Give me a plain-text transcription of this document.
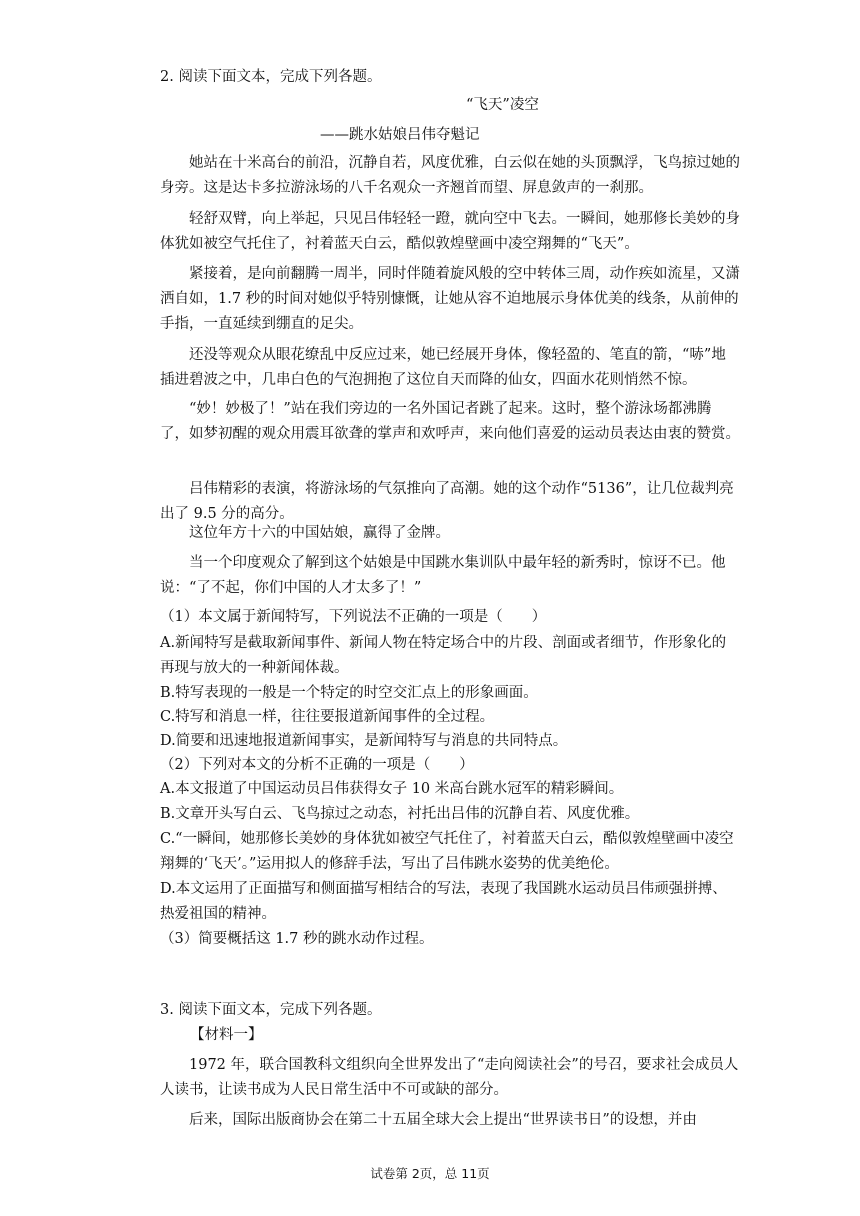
2. 阅读下面文本，完成下列各题。
“飞天”凌空
——跳水姑娘吕伟夺魁记
她站在十米高台的前沿，沉静自若，风度优雅，白云似在她的头顶飘浮，飞鸟掠过她的身旁。这是达卡多拉游泳场的八千名观众一齐翘首而望、屏息敛声的一刹那。
轻舒双臂，向上举起，只见吕伟轻轻一蹬，就向空中飞去。一瞬间，她那修长美妙的身体犹如被空气托住了，衬着蓝天白云，酷似敦煌壁画中凌空翔舞的“飞天”。
紧接着，是向前翻腾一周半，同时伴随着旋风般的空中转体三周，动作疾如流星，又潇洒自如，1.7 秒的时间对她似乎特别慷慨，让她从容不迫地展示身体优美的线条，从前伸的手指，一直延续到绷直的足尖。
还没等观众从眼花缭乱中反应过来，她已经展开身体，像轻盈的、笔直的箭，“哧”地插进碧波之中，几串白色的气泡拥抱了这位自天而降的仙女，四面水花则悄然不惊。
“妙！妙极了！”站在我们旁边的一名外国记者跳了起来。这时，整个游泳场都沸腾了，如梦初醒的观众用震耳欲聋的掌声和欢呼声，来向他们喜爱的运动员表达由衷的赞赏。
吕伟精彩的表演，将游泳场的气氛推向了高潮。她的这个动作“5136”，让几位裁判亮出了 9.5 分的高分。
这位年方十六的中国姑娘，赢得了金牌。
当一个印度观众了解到这个姑娘是中国跳水集训队中最年轻的新秀时，惊讶不已。他说：“了不起，你们中国的人才太多了！”
（1）本文属于新闻特写，下列说法不正确的一项是（　　）
A.新闻特写是截取新闻事件、新闻人物在特定场合中的片段、剖面或者细节，作形象化的再现与放大的一种新闻体裁。
B.特写表现的一般是一个特定的时空交汇点上的形象画面。
C.特写和消息一样，往往要报道新闻事件的全过程。
D.简要和迅速地报道新闻事实，是新闻特写与消息的共同特点。
（2）下列对本文的分析不正确的一项是（　　）
A.本文报道了中国运动员吕伟获得女子 10 米高台跳水冠军的精彩瞬间。
B.文章开头写白云、飞鸟掠过之动态，衬托出吕伟的沉静自若、风度优雅。
C.“一瞬间，她那修长美妙的身体犹如被空气托住了，衬着蓝天白云，酷似敦煌壁画中凌空翔舞的‘飞天’。”运用拟人的修辞手法，写出了吕伟跳水姿势的优美绝伦。
D.本文运用了正面描写和侧面描写相结合的写法，表现了我国跳水运动员吕伟顽强拼搏、热爱祖国的精神。
（3）简要概括这 1.7 秒的跳水动作过程。
3. 阅读下面文本，完成下列各题。
【材料一】
1972 年，联合国教科文组织向全世界发出了“走向阅读社会”的号召，要求社会成员人人读书，让读书成为人民日常生活中不可或缺的部分。
后来，国际出版商协会在第二十五届全球大会上提出“世界读书日”的设想，并由
试卷第 2页，总 11页
